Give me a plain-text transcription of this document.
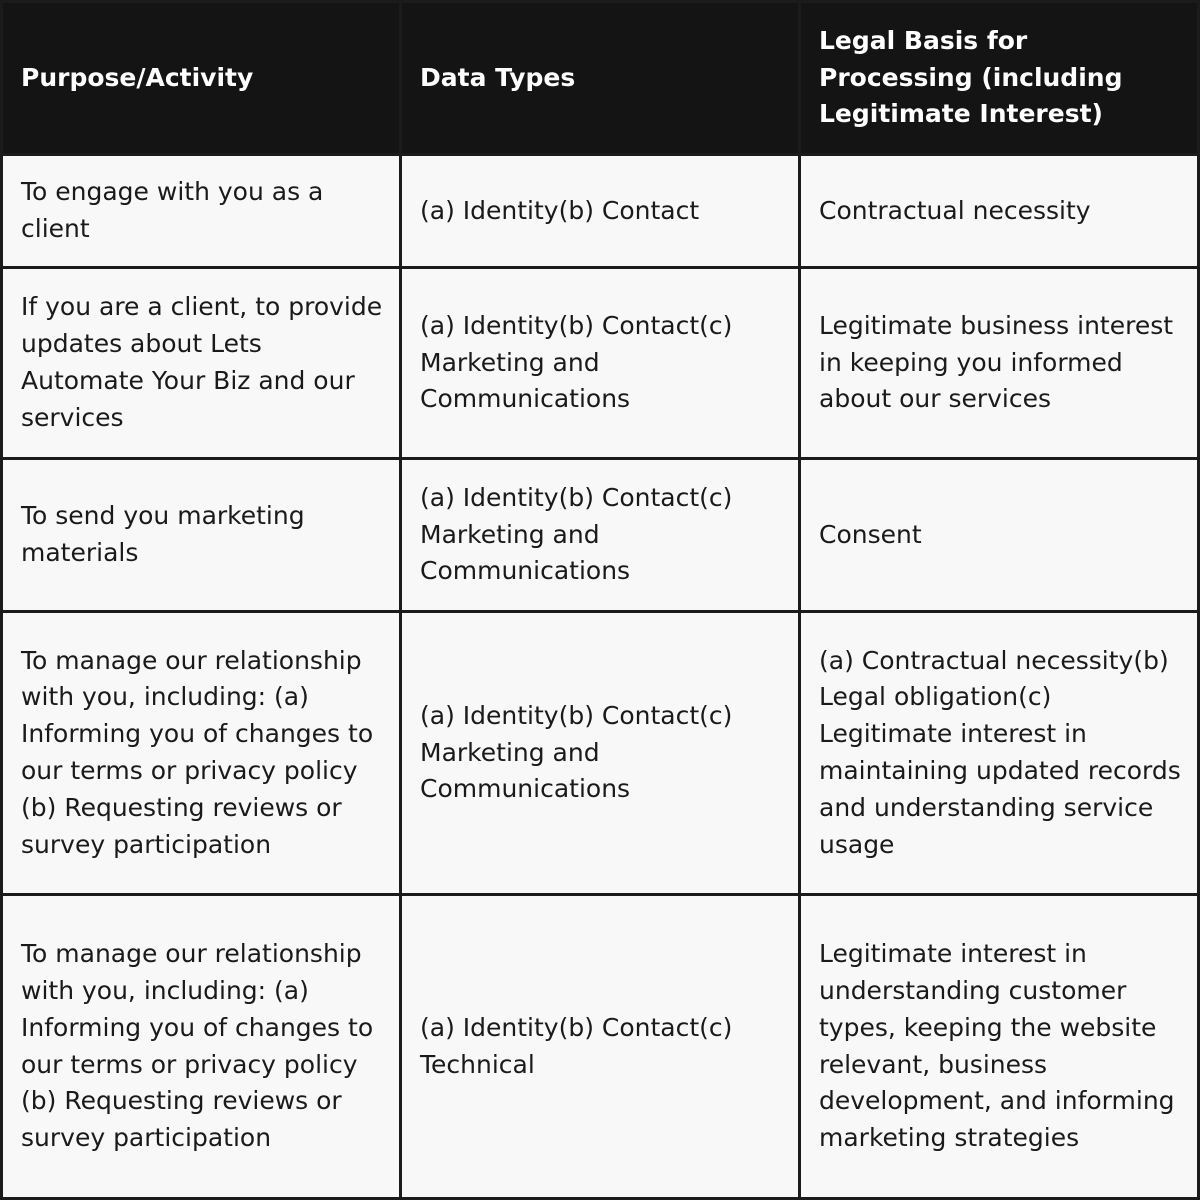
Purpose/Activity	Data Types
Legal Basis for Processing (including Legitimate Interest)
To engage with you as a client
(a) Identity(b) Contact	Contractual necessity
If you are a client, to provide updates about Lets Automate Your Biz and our services
(a) Identity(b) Contact(c) Marketing and Communications
Legitimate business interest in keeping you informed about our services
To send you marketing materials
(a) Identity(b) Contact(c) Marketing and Communications
Consent
To manage our relationship with you, including: (a) Informing you of changes to our terms or privacy policy (b) Requesting reviews or survey participation
(a) Identity(b) Contact(c) Marketing and Communications
(a) Contractual necessity(b) Legal obligation(c) Legitimate interest in maintaining updated records and understanding service usage
To manage our relationship with you, including: (a) Informing you of changes to our terms or privacy policy (b) Requesting reviews or survey participation
(a) Identity(b) Contact(c) Technical
Legitimate interest in understanding customer types, keeping the website relevant, business development, and informing marketing strategies
